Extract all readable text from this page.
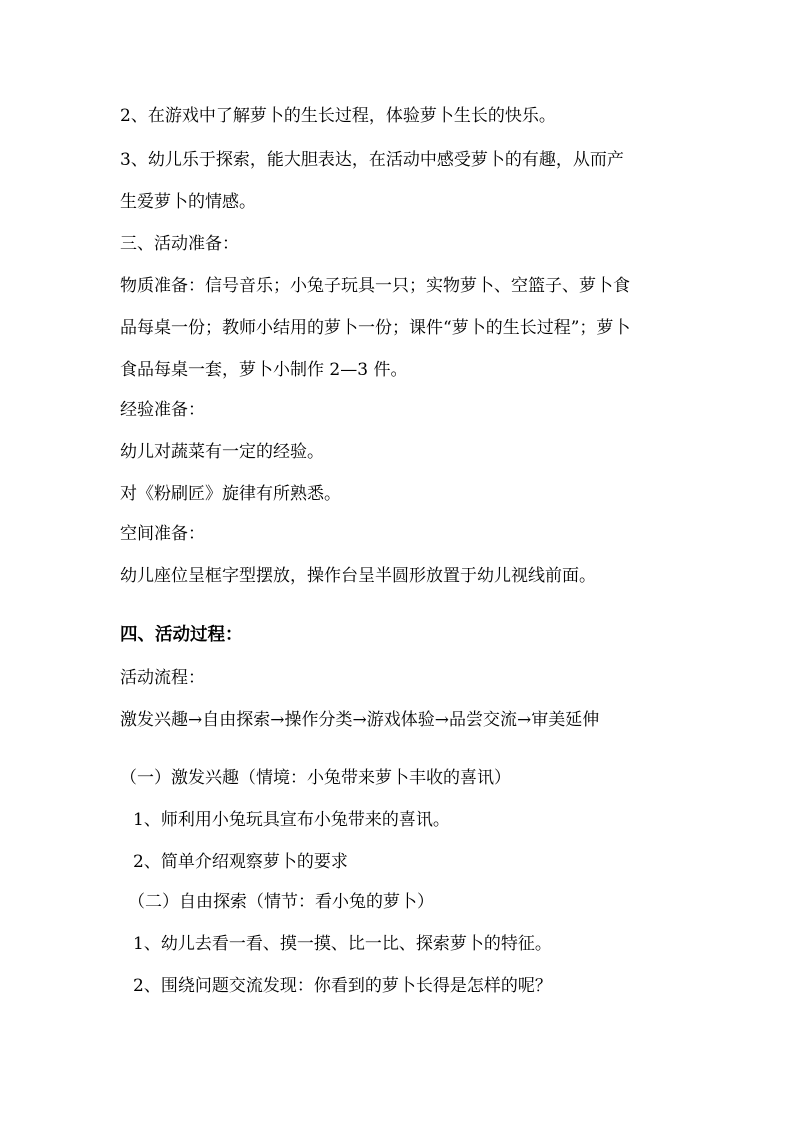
2、在游戏中了解萝卜的生长过程，体验萝卜生长的快乐。
3、幼儿乐于探索，能大胆表达，在活动中感受萝卜的有趣，从而产
生爱萝卜的情感。
三、活动准备：
物质准备：信号音乐；小兔子玩具一只；实物萝卜、空篮子、萝卜食
品每桌一份；教师小结用的萝卜一份；课件“萝卜的生长过程”；萝卜
食品每桌一套，萝卜小制作 2—3 件。
经验准备：
幼儿对蔬菜有一定的经验。
对《粉刷匠》旋律有所熟悉。
空间准备：
幼儿座位呈框字型摆放，操作台呈半圆形放置于幼儿视线前面。
四、活动过程：
活动流程：
激发兴趣→自由探索→操作分类→游戏体验→品尝交流→审美延伸
（一）激发兴趣（情境：小兔带来萝卜丰收的喜讯）
1、师利用小兔玩具宣布小兔带来的喜讯。
2、简单介绍观察萝卜的要求
（二）自由探索（情节：看小兔的萝卜）
1、幼儿去看一看、摸一摸、比一比、探索萝卜的特征。
2、围绕问题交流发现：你看到的萝卜长得是怎样的呢？
